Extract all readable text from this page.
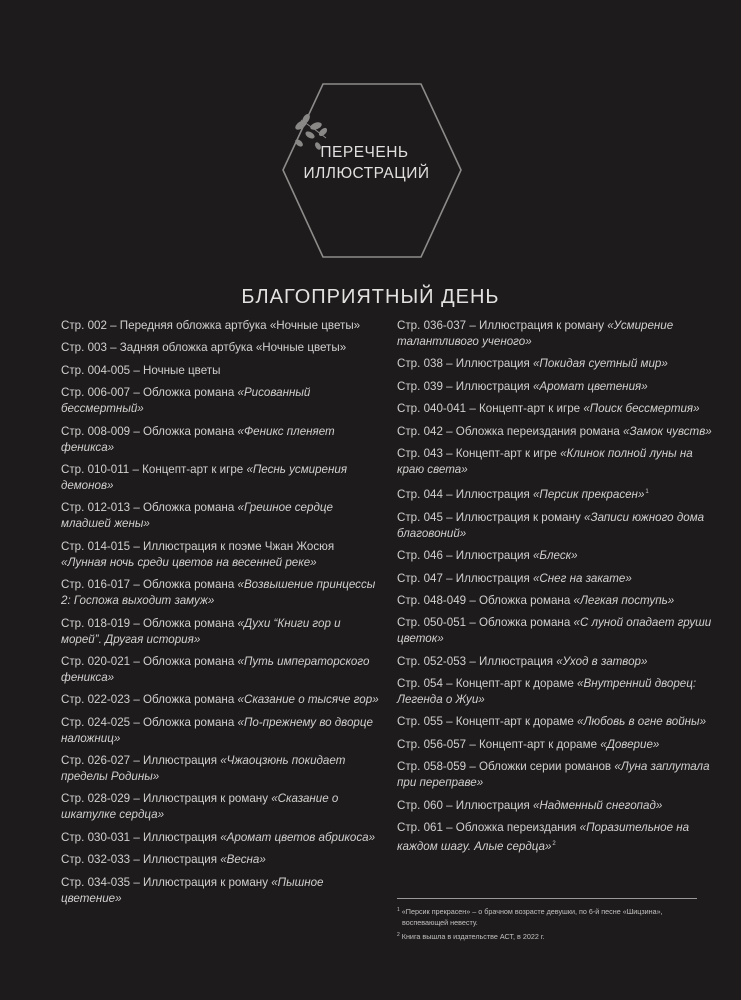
ПЕРЕЧЕНЬ
ИЛЛЮСТРАЦИЙ
БЛАГОПРИЯТНЫЙ ДЕНЬ
Стр. 002 – Передняя обложка артбука «Ночные цветы»
Стр. 003 – Задняя обложка артбука «Ночные цветы»
Стр. 004-005 – Ночные цветы
Стр. 006-007 – Обложка романа «Рисованный бессмертный»
Стр. 008-009 – Обложка романа «Феникс пленяет феникса»
Стр. 010-011 – Концепт-арт к игре «Песнь усмирения демонов»
Стр. 012-013 – Обложка романа «Грешное сердце младшей жены»
Стр. 014-015 – Иллюстрация к поэме Чжан Жосюя «Лунная ночь среди цветов на весенней реке»
Стр. 016-017 – Обложка романа «Возвышение принцессы 2: Госпожа выходит замуж»
Стр. 018-019 – Обложка романа «Духи “Книги гор и морей”. Другая история»
Стр. 020-021 – Обложка романа «Путь императорского феникса»
Стр. 022-023 – Обложка романа «Сказание о тысяче гор»
Стр. 024-025 – Обложка романа «По-прежнему во дворце наложниц»
Стр. 026-027 – Иллюстрация «Чжаоцзюнь покидает пределы Родины»
Стр. 028-029 – Иллюстрация к роману «Сказание о шкатулке сердца»
Стр. 030-031 – Иллюстрация «Аромат цветов абрикоса»
Стр. 032-033 – Иллюстрация «Весна»
Стр. 034-035 – Иллюстрация к роману «Пышное цветение»
Стр. 036-037 – Иллюстрация к роману «Усмирение талантливого ученого»
Стр. 038 – Иллюстрация «Покидая суетный мир»
Стр. 039 – Иллюстрация «Аромат цветения»
Стр. 040-041 – Концепт-арт к игре «Поиск бессмертия»
Стр. 042 – Обложка переиздания романа «Замок чувств»
Стр. 043 – Концепт-арт к игре «Клинок полной луны на краю света»
Стр. 044 – Иллюстрация «Персик прекрасен»$^1$
Стр. 045 – Иллюстрация к роману «Записи южного дома благовоний»
Стр. 046 – Иллюстрация «Блеск»
Стр. 047 – Иллюстрация «Снег на закате»
Стр. 048-049 – Обложка романа «Легкая поступь»
Стр. 050-051 – Обложка романа «С луной опадает груши цветок»
Стр. 052-053 – Иллюстрация «Уход в затвор»
Стр. 054 – Концепт-арт к дораме «Внутренний дворец: Легенда о Жуи»
Стр. 055 – Концепт-арт к дораме «Любовь в огне войны»
Стр. 056-057 – Концепт-арт к дораме «Доверие»
Стр. 058-059 – Обложки серии романов «Луна заплутала при переправе»
Стр. 060 – Иллюстрация «Надменный снегопад»
Стр. 061 – Обложка переиздания «Поразительное на каждом шагу. Алые сердца»$^2$
$^1$ «Персик прекрасен» – о брачном возрасте девушки, по 6-й песне «Шицзина», воспевающей невесту.
$^2$ Книга вышла в издательстве АСТ, в 2022 г.
